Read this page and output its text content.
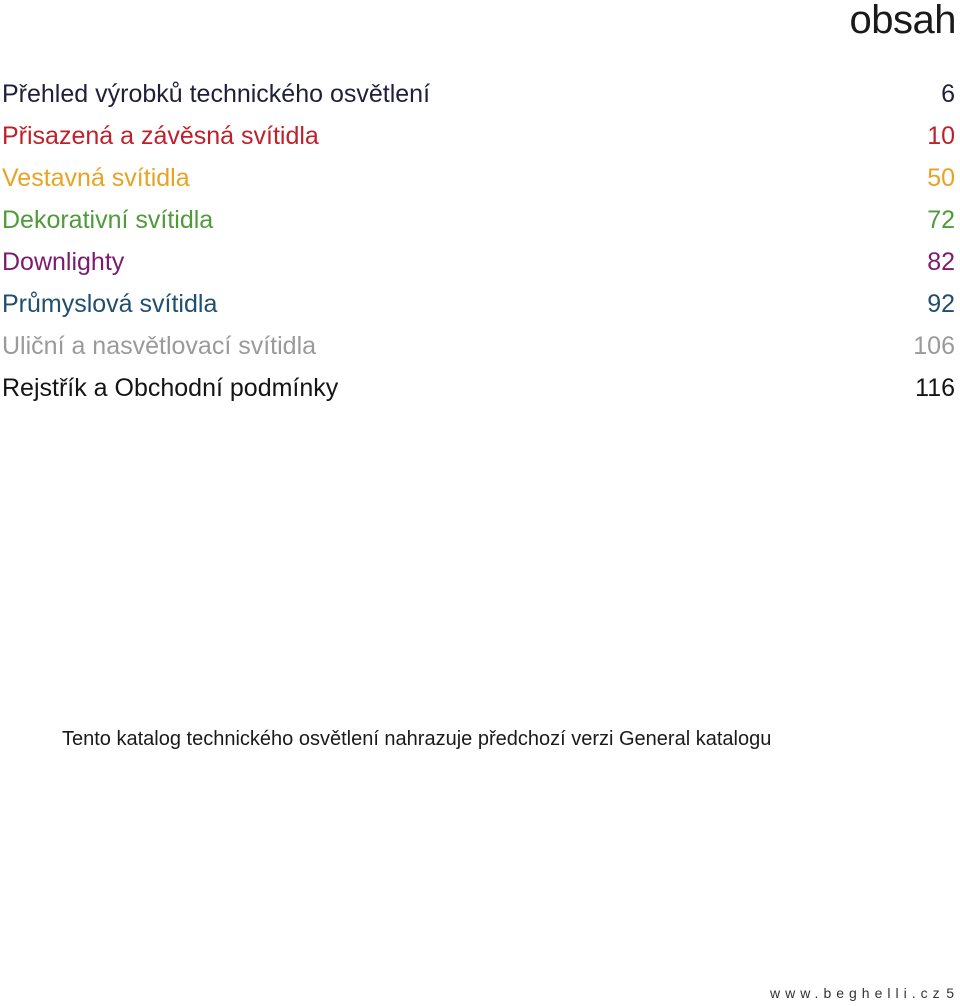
obsah
Přehled výrobků technického osvětlení	6
Přisazená a závěsná svítidla	10
Vestavná svítidla	50
Dekorativní svítidla	72
Downlighty	82
Průmyslová svítidla	92
Uliční a nasvětlovací svítidla	106
Rejstřík a Obchodní podmínky	116
Tento katalog technického osvětlení nahrazuje předchozí verzi General katalogu
www.beghelli.cz 5
